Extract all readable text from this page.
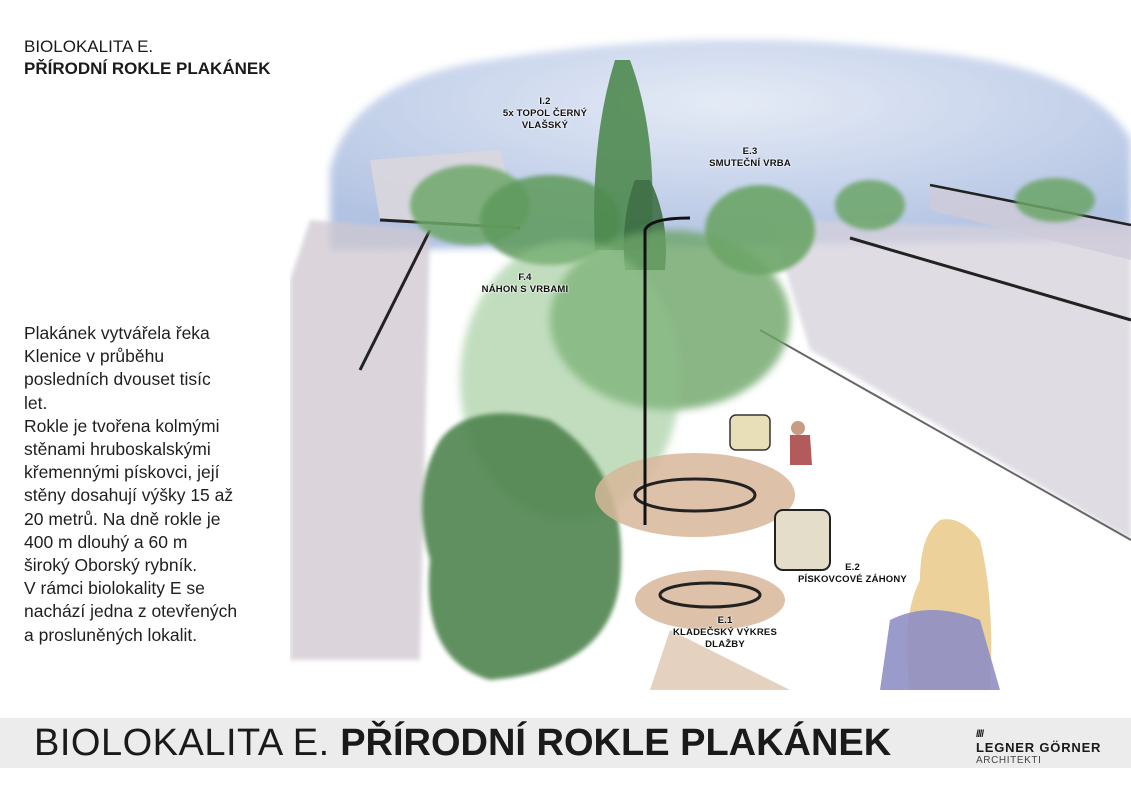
BIOLOKALITA E.
PŘÍRODNÍ ROKLE PLAKÁNEK

Plakánek vytvářela řeka

Klenice v průběhu

posledních dvouset tisíc

let.

Rokle je tvořena kolmými

stěnami hruboskalskými

křemennými pískovci, její

stěny dosahují výšky 15 až

20 metrů. Na dně rokle je

400 m dlouhý a 60 m

široký Oborský rybník.

V rámci biolokality E se

nachází jedna z otevřených

a prosluněných lokalit.

I.2
5x TOPOL ČERNÝ
VLAŠSKÝ
E.3
SMUTEČNÍ VRBA
F.4
NÁHON S VRBAMI
E.2
PÍSKOVCOVÉ ZÁHONY
E.1
KLADEČSKÝ VÝKRES
DLAŽBY
BIOLOKALITA E. PŘÍRODNÍ ROKLE PLAKÁNEK	////
LEGNER GÖRNER
ARCHITEKTI
